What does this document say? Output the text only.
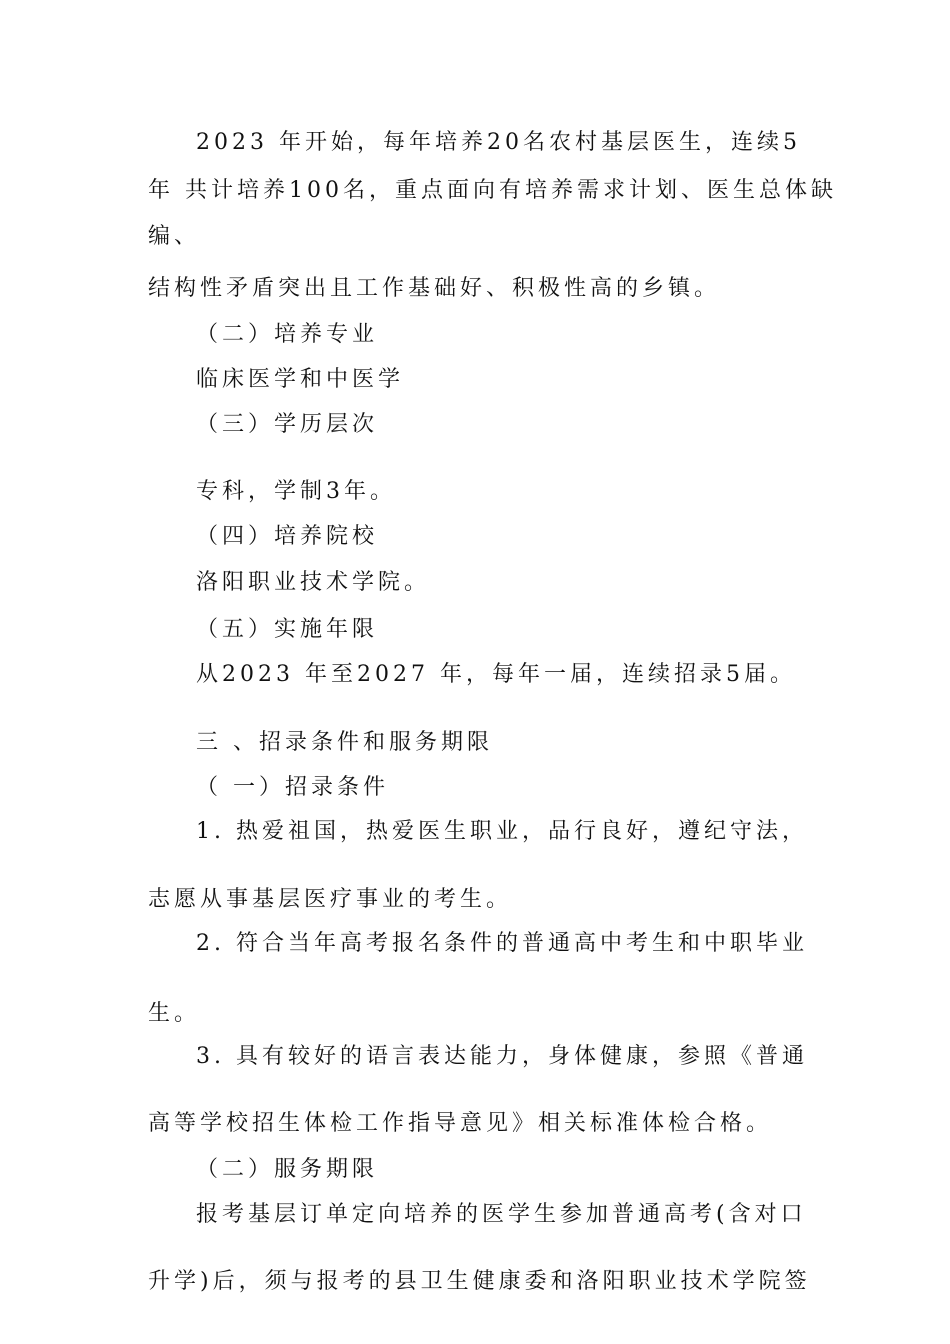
2023 年开始，每年培养20名农村基层医生，连续5
年 共计培养100名，重点面向有培养需求计划、医生总体缺
编、
结构性矛盾突出且工作基础好、积极性高的乡镇。
（二）培养专业
临床医学和中医学
（三）学历层次
专科，学制3年。
（四）培养院校
洛阳职业技术学院。
（五）实施年限
从2023 年至2027 年，每年一届，连续招录5届。
三 、招录条件和服务期限
（ 一）招录条件
1. 热爱祖国，热爱医生职业，品行良好，遵纪守法，
志愿从事基层医疗事业的考生。
2. 符合当年高考报名条件的普通高中考生和中职毕业
生。
3. 具有较好的语言表达能力，身体健康，参照《普通
高等学校招生体检工作指导意见》相关标准体检合格。
（二）服务期限
报考基层订单定向培养的医学生参加普通高考(含对口
升学)后，须与报考的县卫生健康委和洛阳职业技术学院签
